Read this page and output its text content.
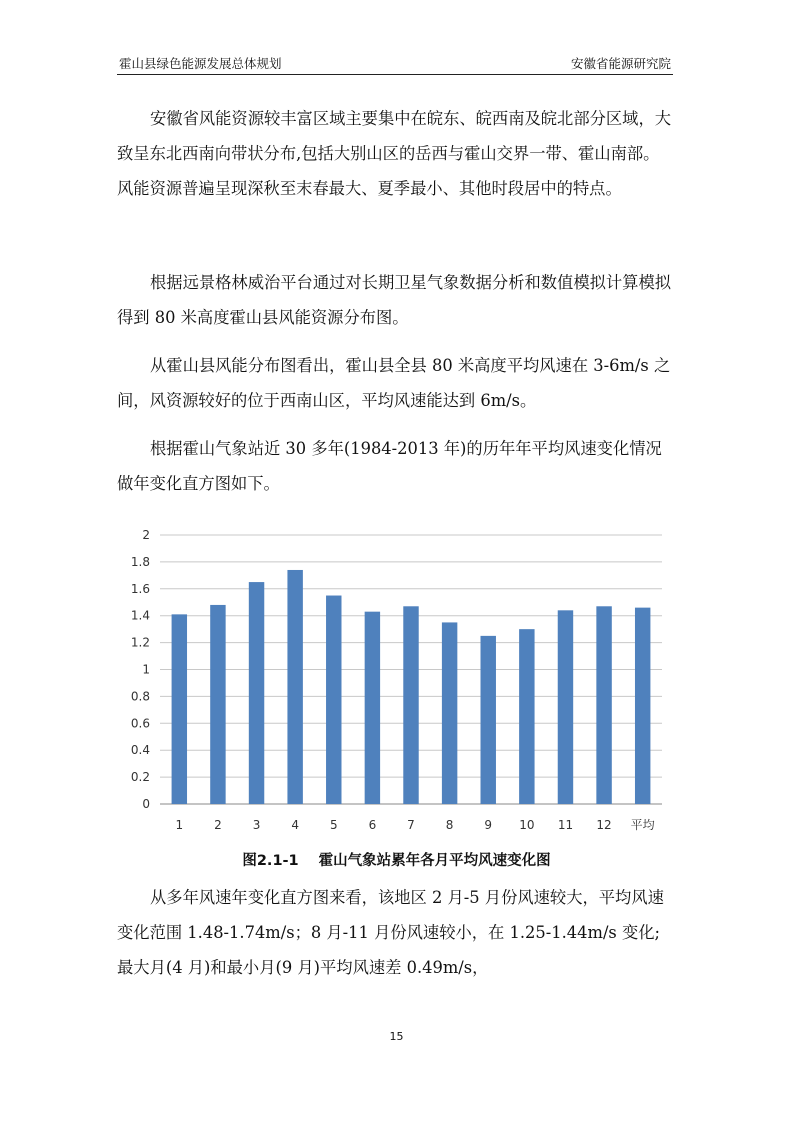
霍山县绿色能源发展总体规划	安徽省能源研究院

安徽省风能资源较丰富区域主要集中在皖东、皖西南及皖北部分区域，大致呈东北西南向带状分布,包括大别山区的岳西与霍山交界一带、霍山南部。风能资源普遍呈现深秋至末春最大、夏季最小、其他时段居中的特点。

根据远景格林威治平台通过对长期卫星气象数据分析和数值模拟计算模拟得到 80 米高度霍山县风能资源分布图。

从霍山县风能分布图看出，霍山县全县 80 米高度平均风速在 3-6m/s 之间，风资源较好的位于西南山区，平均风速能达到 6m/s。

根据霍山气象站近 30 多年(1984-2013 年)的历年年平均风速变化情况做年变化直方图如下。

0
0.2
0.4
0.6
0.8
1
1.2
1.4
1.6
1.8
2
1	2	3	4	5	6	7	8	9 10 11 12 平均
图2.1-1 霍山气象站累年各月平均风速变化图

从多年风速年变化直方图来看，该地区 2 月-5 月份风速较大，平均风速变化范围 1.48-1.74m/s；8 月-11 月份风速较小，在 1.25-1.44m/s 变化;最大月(4 月)和最小月(9 月)平均风速差 0.49m/s，

15
